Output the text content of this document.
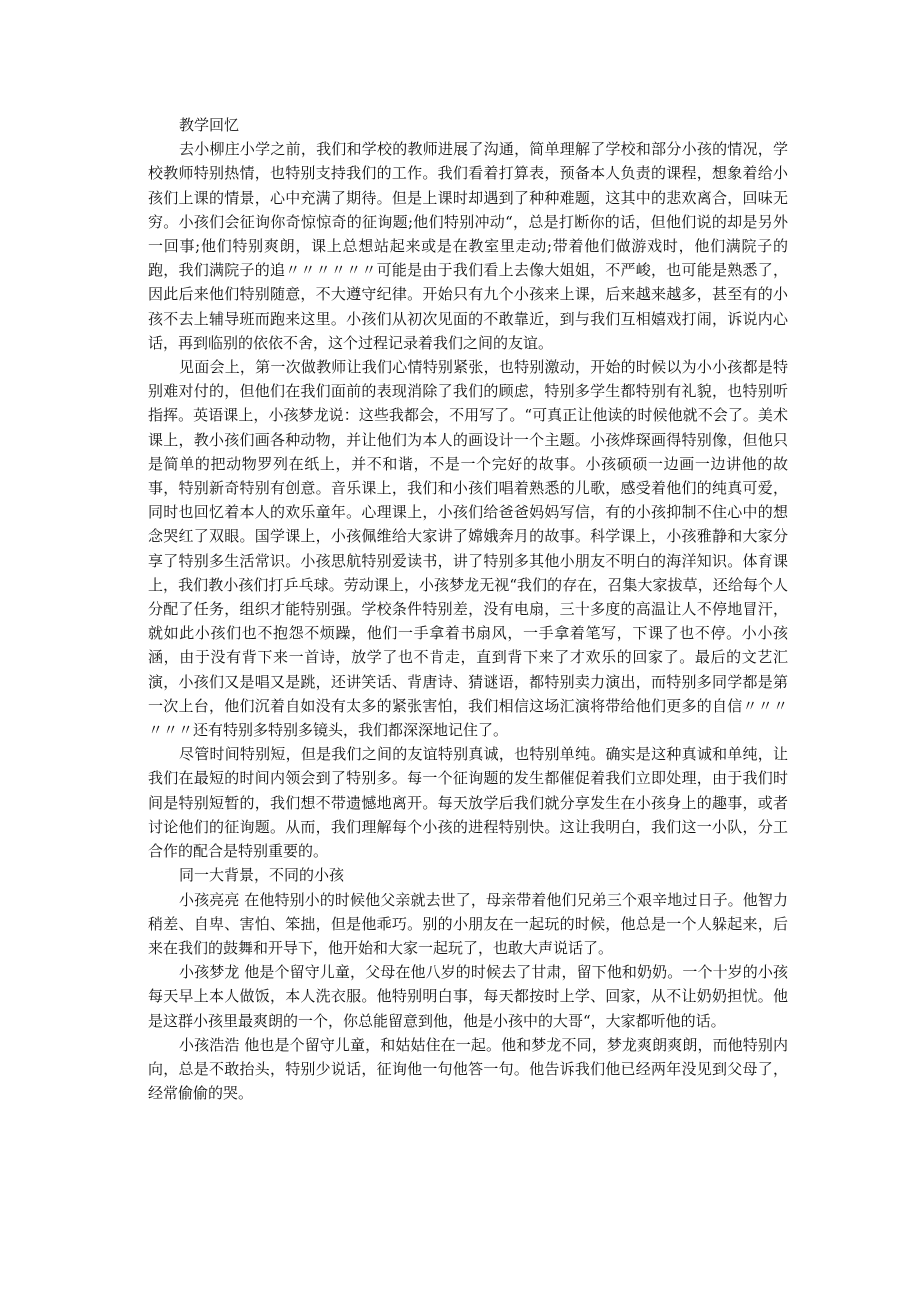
教学回忆

去小柳庄小学之前，我们和学校的教师进展了沟通，简单理解了学校和部分小孩的情况，学校教师特别热情，也特别支持我们的工作。我们看着打算表，预备本人负责的课程，想象着给小孩们上课的情景，心中充满了期待。但是上课时却遇到了种种难题，这其中的悲欢离合，回味无穷。小孩们会征询你奇惊惊奇的征询题;他们特别冲动“，总是打断你的话，但他们说的却是另外一回事;他们特别爽朗，课上总想站起来或是在教室里走动;带着他们做游戏时，他们满院子的跑，我们满院子的追〃〃〃〃〃〃可能是由于我们看上去像大姐姐，不严峻，也可能是熟悉了，因此后来他们特别随意，不大遵守纪律。开始只有九个小孩来上课，后来越来越多，甚至有的小孩不去上辅导班而跑来这里。小孩们从初次见面的不敢靠近，到与我们互相嬉戏打闹，诉说内心话，再到临别的依依不舍，这个过程记录着我们之间的友谊。

见面会上，第一次做教师让我们心情特别紧张，也特别激动，开始的时候以为小小孩都是特别难对付的，但他们在我们面前的表现消除了我们的顾虑，特别多学生都特别有礼貌，也特别听指挥。英语课上，小孩梦龙说：这些我都会，不用写了。“可真正让他读的时候他就不会了。美术课上，教小孩们画各种动物，并让他们为本人的画设计一个主题。小孩烨琛画得特别像，但他只是简单的把动物罗列在纸上，并不和谐，不是一个完好的故事。小孩硕硕一边画一边讲他的故事，特别新奇特别有创意。音乐课上，我们和小孩们唱着熟悉的儿歌，感受着他们的纯真可爱，同时也回忆着本人的欢乐童年。心理课上，小孩们给爸爸妈妈写信，有的小孩抑制不住心中的想念哭红了双眼。国学课上，小孩佩维给大家讲了嫦娥奔月的故事。科学课上，小孩雅静和大家分享了特别多生活常识。小孩思航特别爱读书，讲了特别多其他小朋友不明白的海洋知识。体育课上，我们教小孩们打乒乓球。劳动课上，小孩梦龙无视“我们的存在，召集大家拔草，还给每个人分配了任务，组织才能特别强。学校条件特别差，没有电扇，三十多度的高温让人不停地冒汗，就如此小孩们也不抱怨不烦躁，他们一手拿着书扇风，一手拿着笔写，下课了也不停。小小孩涵，由于没有背下来一首诗，放学了也不肯走，直到背下来了才欢乐的回家了。最后的文艺汇演，小孩们又是唱又是跳，还讲笑话、背唐诗、猜谜语，都特别卖力演出，而特别多同学都是第一次上台，他们沉着自如没有太多的紧张害怕，我们相信这场汇演将带给他们更多的自信〃〃〃〃〃〃还有特别多特别多镜头，我们都深深地记住了。

尽管时间特别短，但是我们之间的友谊特别真诚，也特别单纯。确实是这种真诚和单纯，让我们在最短的时间内领会到了特别多。每一个征询题的发生都催促着我们立即处理，由于我们时间是特别短暂的，我们想不带遗憾地离开。每天放学后我们就分享发生在小孩身上的趣事，或者讨论他们的征询题。从而，我们理解每个小孩的进程特别快。这让我明白，我们这一小队，分工合作的配合是特别重要的。

同一大背景，不同的小孩

小孩亮亮 在他特别小的时候他父亲就去世了，母亲带着他们兄弟三个艰辛地过日子。他智力稍差、自卑、害怕、笨拙，但是他乖巧。别的小朋友在一起玩的时候，他总是一个人躲起来，后来在我们的鼓舞和开导下，他开始和大家一起玩了，也敢大声说话了。

小孩梦龙 他是个留守儿童，父母在他八岁的时候去了甘肃，留下他和奶奶。一个十岁的小孩每天早上本人做饭，本人洗衣服。他特别明白事，每天都按时上学、回家，从不让奶奶担忧。他是这群小孩里最爽朗的一个，你总能留意到他，他是小孩中的大哥“，大家都听他的话。

小孩浩浩 他也是个留守儿童，和姑姑住在一起。他和梦龙不同，梦龙爽朗爽朗，而他特别内向，总是不敢抬头，特别少说话，征询他一句他答一句。他告诉我们他已经两年没见到父母了，经常偷偷的哭。
